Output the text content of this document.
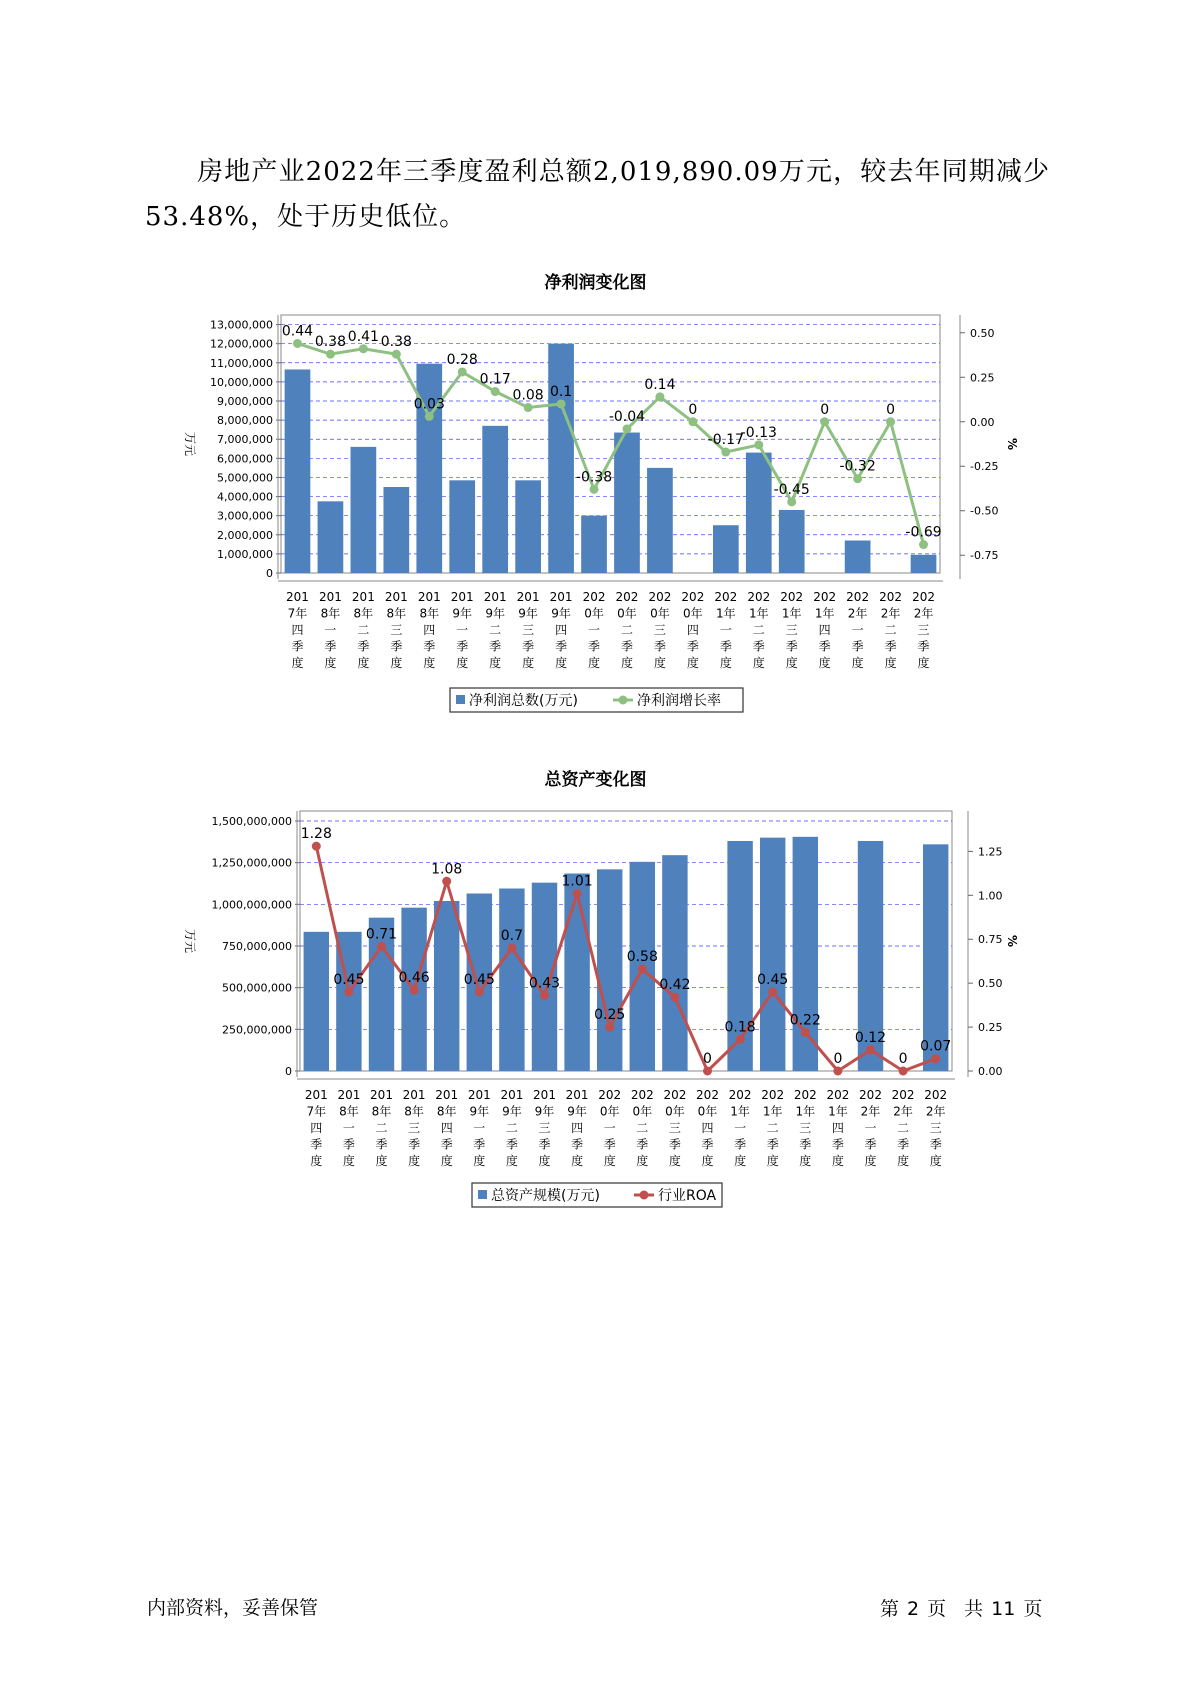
房地产业2022年三季度盈利总额2,019,890.09万元，较去年同期减少53.48%，处于历史低位。
净利润变化图
0
1,000,000
2,000,000
3,000,000
4,000,000
5,000,000
6,000,000
7,000,000
8,000,000
9,000,000
10,000,000
11,000,000
12,000,000
13,000,000
-0.75
-0.50
-0.25
0.00
0.25
0.50
万元	%
201
7年
四
季
度
201
8年
一
季
度
201
8年
二
季
度
201
8年
三
季
度
201
8年
四
季
度
201
9年
一
季
度
201
9年
二
季
度
201
9年
三
季
度
201
9年
四
季
度
202
0年
一
季
度
202
0年
二
季
度
202
0年
三
季
度
202
0年
四
季
度
202
1年
一
季
度
202
1年
二
季
度
202
1年
三
季
度
202
1年
四
季
度
202
2年
一
季
度
202
2年
二
季
度
202
2年
三
季
度
0.44
0.38 0.41 0.38
0.03
0.28
0.17
0.08 0.1
-0.38
-0.04
0.14
0
-0.17
-0.13
-0.45
0
-0.32
0
-0.69
净利润总数(万元)	净利润增长率
总资产变化图
0
250,000,000
500,000,000
750,000,000
1,000,000,000
1,250,000,000
1,500,000,000
0.00
0.25
0.50
0.75
1.00
1.25
万元	%
201
7年
四
季
度
201
8年
一
季
度
201
8年
二
季
度
201
8年
三
季
度
201
8年
四
季
度
201
9年
一
季
度
201
9年
二
季
度
201
9年
三
季
度
201
9年
四
季
度
202
0年
一
季
度
202
0年
二
季
度
202
0年
三
季
度
202
0年
四
季
度
202
1年
一
季
度
202
1年
二
季
度
202
1年
三
季
度
202
1年
四
季
度
202
2年
一
季
度
202
2年
二
季
度
202
2年
三
季
度
1.28
0.45
0.71
0.46
1.08
0.45
0.7
0.43
1.01
0.25
0.58
0.42
0
0.18
0.45
0.22
0
0.12
0
0.07
总资产规模(万元)	行业ROA
内部资料，妥善保管	第 2 页 共 11 页
